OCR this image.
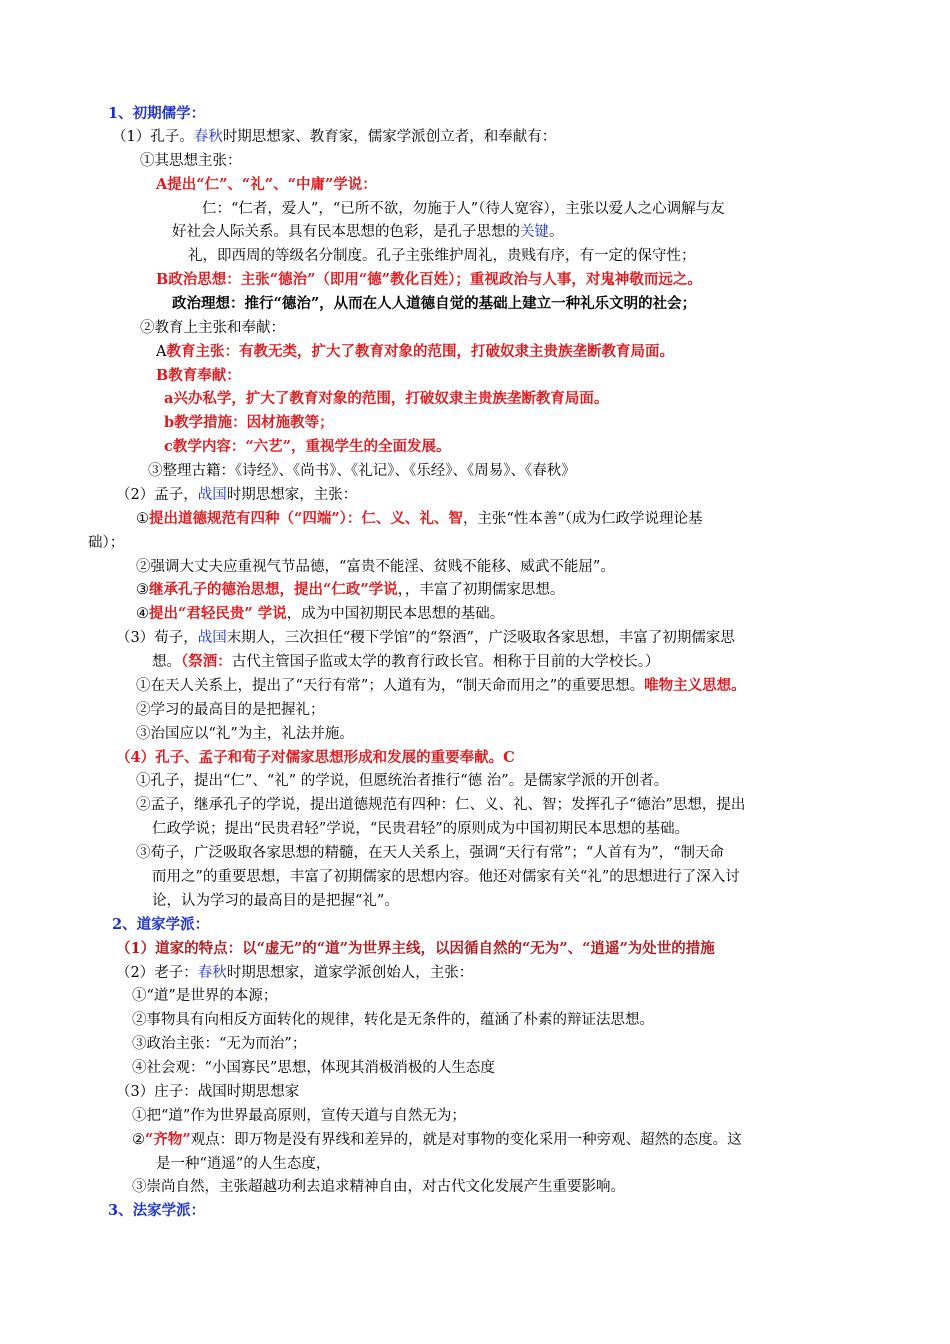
1、初期儒学：
（1）孔子。春秋时期思想家、教育家，儒家学派创立者，和奉献有：
①其思想主张：
A提出“仁”、“礼”、“中庸”学说：
仁：“仁者，爱人”，“已所不欲，勿施于人”（待人宽容），主张以爱人之心调解与友
好社会人际关系。具有民本思想的色彩，是孔子思想的关键。
礼，即西周的等级名分制度。孔子主张维护周礼，贵贱有序，有一定的保守性；
B政治思想：主张“德治”（即用“德”教化百姓）；重视政治与人事，对鬼神敬而远之。
政治理想：推行“德治”，从而在人人道德自觉的基础上建立一种礼乐文明的社会；
②教育上主张和奉献：
A教育主张：有教无类，扩大了教育对象的范围，打破奴隶主贵族垄断教育局面。
B教育奉献：
a兴办私学，扩大了教育对象的范围，打破奴隶主贵族垄断教育局面。
b教学措施：因材施教等；
c教学内容：“六艺”，重视学生的全面发展。
③整理古籍：《诗经》、《尚书》、《礼记》、《乐经》、《周易》、《春秋》
（2）孟子，战国时期思想家，主张：
①提出道德规范有四种（“四端”）：仁、义、礼、智，主张“性本善”（成为仁政学说理论基
础）；
②强调大丈夫应重视气节品德，“富贵不能淫、贫贱不能移、威武不能屈”。
③继承孔子的德治思想，提出“仁政”学说，，丰富了初期儒家思想。
④提出“君轻民贵” 学说，成为中国初期民本思想的基础。
（3）荀子，战国末期人，三次担任“稷下学馆”的“祭酒”，广泛吸取各家思想，丰富了初期儒家思
想。（祭酒：古代主管国子监或太学的教育行政长官。相称于目前的大学校长。）
①在天人关系上，提出了“天行有常”；人道有为，“制天命而用之”的重要思想。唯物主义思想。
②学习的最高目的是把握礼；
③治国应以“礼”为主，礼法并施。
（4）孔子、孟子和荀子对儒家思想形成和发展的重要奉献。C
①孔子，提出“仁”、“礼” 的学说，但愿统治者推行“德 治”。是儒家学派的开创者。
②孟子，继承孔子的学说，提出道德规范有四种：仁、义、礼、智；发挥孔子“德治”思想，提出
仁政学说；提出“民贵君轻”学说，“民贵君轻”的原则成为中国初期民本思想的基础。
③荀子，广泛吸取各家思想的精髓，在天人关系上，强调“天行有常”；“人首有为”，“制天命
而用之”的重要思想，丰富了初期儒家的思想内容。他还对儒家有关“礼”的思想进行了深入讨
论，认为学习的最高目的是把握“礼”。
2、道家学派：
（1）道家的特点：以“虚无”的“道”为世界主线，以因循自然的“无为”、“逍遥”为处世的措施
（2）老子：春秋时期思想家，道家学派创始人，主张：
①“道”是世界的本源；
②事物具有向相反方面转化的规律，转化是无条件的，蕴涵了朴素的辩证法思想。
③政治主张：“无为而治”；
④社会观：“小国寡民”思想，体现其消极消极的人生态度
（3）庄子：战国时期思想家
①把“道”作为世界最高原则，宣传天道与自然无为；
②“齐物”观点：即万物是没有界线和差异的，就是对事物的变化采用一种旁观、超然的态度。这
是一种“逍遥”的人生态度，
③崇尚自然，主张超越功利去追求精神自由，对古代文化发展产生重要影响。
3、法家学派：
